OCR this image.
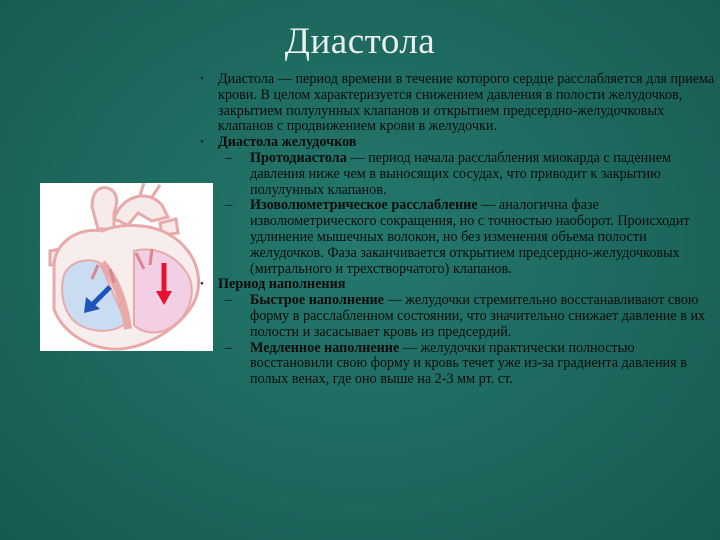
Диастола
• Диастола — период времени в течение которого сердце расслабляется для приема крови. В целом характеризуется снижением давления в полости желудочков, закрытием полулунных клапанов и открытием предсердно-желудочковых клапанов с продвижением крови в желудочки.
• Диастола желудочков
– Протодиастола — период начала расслабления миокарда с падением давления ниже чем в выносящих сосудах, что приводит к закрытию полулунных клапанов.
– Изоволюметрическое расслабление — аналогична фазе изволюметрического сокращения, но с точностью наоборот. Происходит удлинение мышечных волокон, но без изменения объема полости желудочков. Фаза заканчивается открытием предсердно-желудочковых (митрального и трехстворчатого) клапанов.
• Период наполнения
– Быстрое наполнение — желудочки стремительно восстанавливают свою форму в расслабленном состоянии, что значительно снижает давление в их полости и засасывает кровь из предсердий.
– Медленное наполнение — желудочки практически полностью восстановили свою форму и кровь течет уже из-за градиента давления в полых венах, где оно выше на 2-3 мм рт. ст.
